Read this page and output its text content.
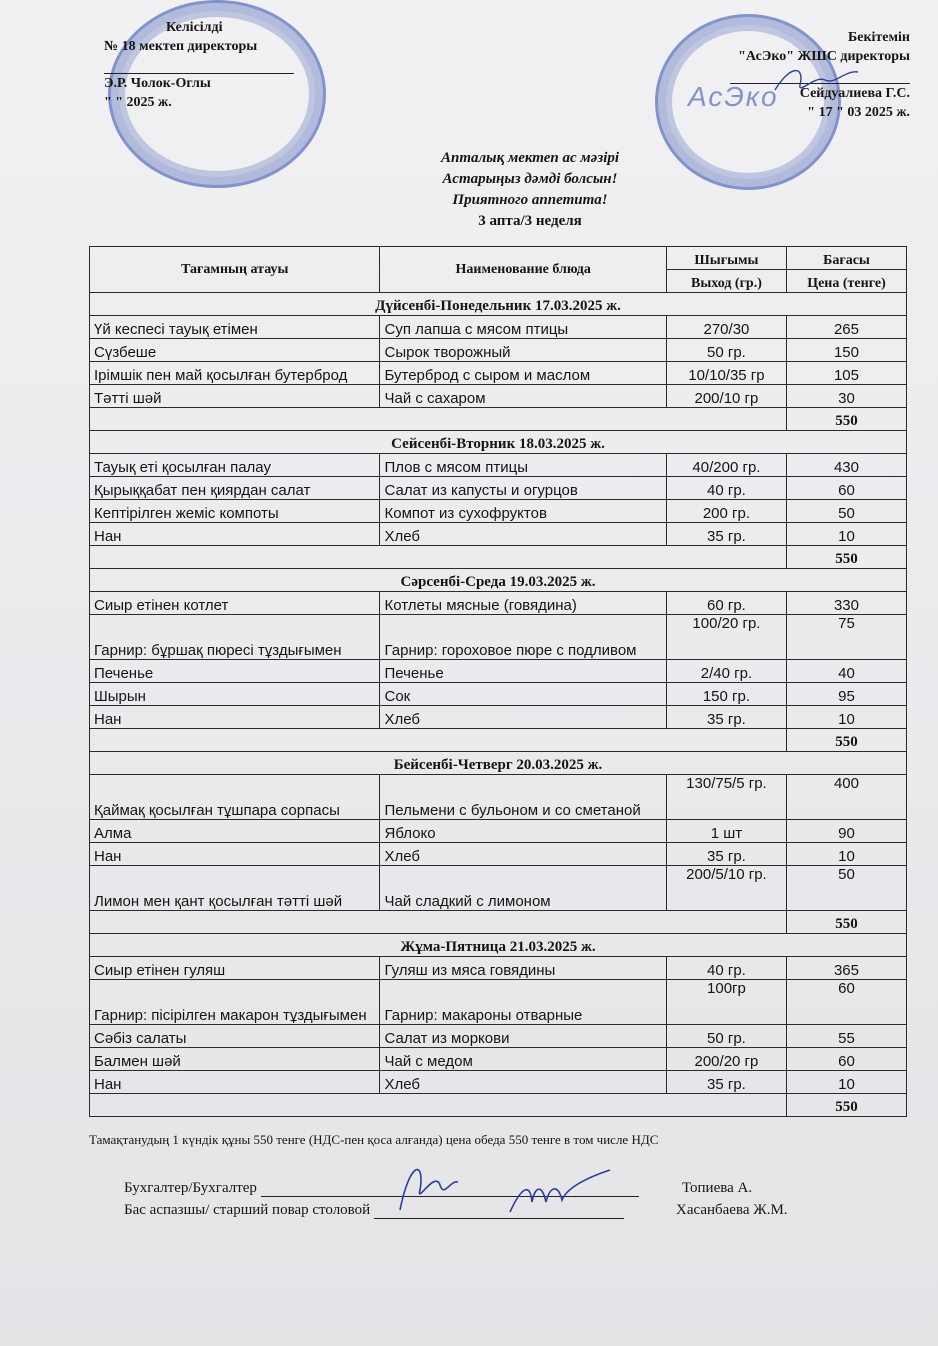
АсЭко
Келісілді
№ 18 мектеп директоры
Э.Р. Чолок-Оглы
" " 2025 ж.
Бекітемін
"АсЭко" ЖШС директоры
Сейдуалиева Г.С.
" 17 " 03 2025 ж.
Апталық мектеп ас мәзірі
Астарыңыз дәмді болсын!
Приятного аппетита!
3 апта/3 неделя
Тағамның атауы	Наименование блюда	Шығымы	Бағасы
		Выход (гр.)	Цена (тенге)
Дүйсенбі-Понедельник 17.03.2025 ж.			
Үй кеспесі тауық етімен	Суп лапша с мясом птицы	270/30	265
Сүзбеше	Сырок творожный	50 гр.	150
Ірімшік пен май қосылған бутерброд	Бутерброд с сыром и маслом	10/10/35 гр	105
Тәтті шәй	Чай с сахаром	200/10 гр	30
			550
Сейсенбі-Вторник 18.03.2025 ж.			
Тауық еті қосылған палау	Плов с мясом птицы	40/200 гр.	430
Қырыққабат пен қиярдан салат	Салат из капусты и огурцов	40 гр.	60
Кептірілген жеміс компоты	Компот из сухофруктов	200 гр.	50
Нан	Хлеб	35 гр.	10
			550
Сәрсенбі-Среда 19.03.2025 ж.			
Сиыр етінен котлет	Котлеты мясные (говядина)	60 гр.	330
Гарнир: бұршақ пюресі тұздығымен	Гарнир: гороховое пюре с подливом	100/20 гр.	75
Печенье	Печенье	2/40 гр.	40
Шырын	Сок	150 гр.	95
Нан	Хлеб	35 гр.	10
			550
Бейсенбі-Четверг 20.03.2025 ж.			
Қаймақ қосылған тұшпара сорпасы	Пельмени с бульоном и со сметаной	130/75/5 гр.	400
Алма	Яблоко	1 шт	90
Нан	Хлеб	35 гр.	10
Лимон мен қант қосылған тәтті шәй	Чай сладкий с лимоном	200/5/10 гр.	50
			550
Жұма-Пятница 21.03.2025 ж.			
Сиыр етінен гуляш	Гуляш из мяса говядины	40 гр.	365
Гарнир: пісірілген макарон тұздығымен	Гарнир: макароны отварные	100гр	60
Сәбіз салаты	Салат из моркови	50 гр.	55
Балмен шәй	Чай с медом	200/20 гр	60
Нан	Хлеб	35 гр.	10
			550
Тамақтанудың 1 күндік құны 550 тенге (НДС-пен қоса алғанда) цена обеда 550 тенге в том числе НДС
Бухгалтер/Бухгалтер	Топиева А.
Бас аспазшы/ старший повар столовой	Хасанбаева Ж.М.
